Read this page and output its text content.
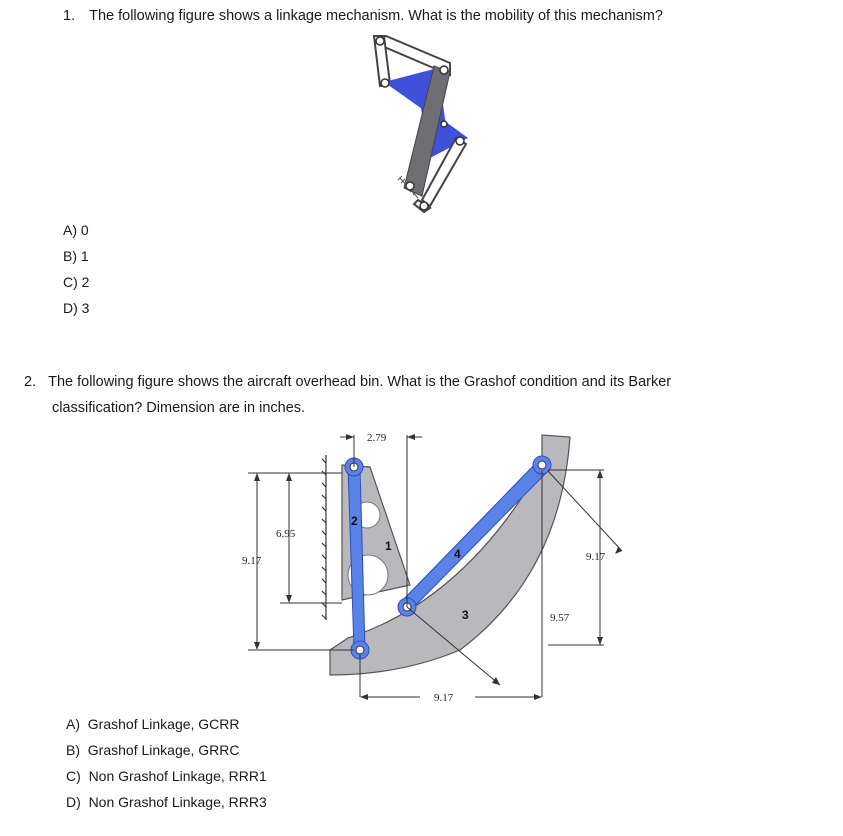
1. The following figure shows a linkage mechanism. What is the mobility of this mechanism?
A) 0
B) 1
C) 2
D) 3
2. The following figure shows the aircraft overhead bin. What is the Grashof condition and its Barker
classification? Dimension are in inches.
2
1
4
3
2.79
9.17
6.95
9.17
9.57
9.17
A) Grashof Linkage, GCRR
B) Grashof Linkage, GRRC
C) Non Grashof Linkage, RRR1
D) Non Grashof Linkage, RRR3
